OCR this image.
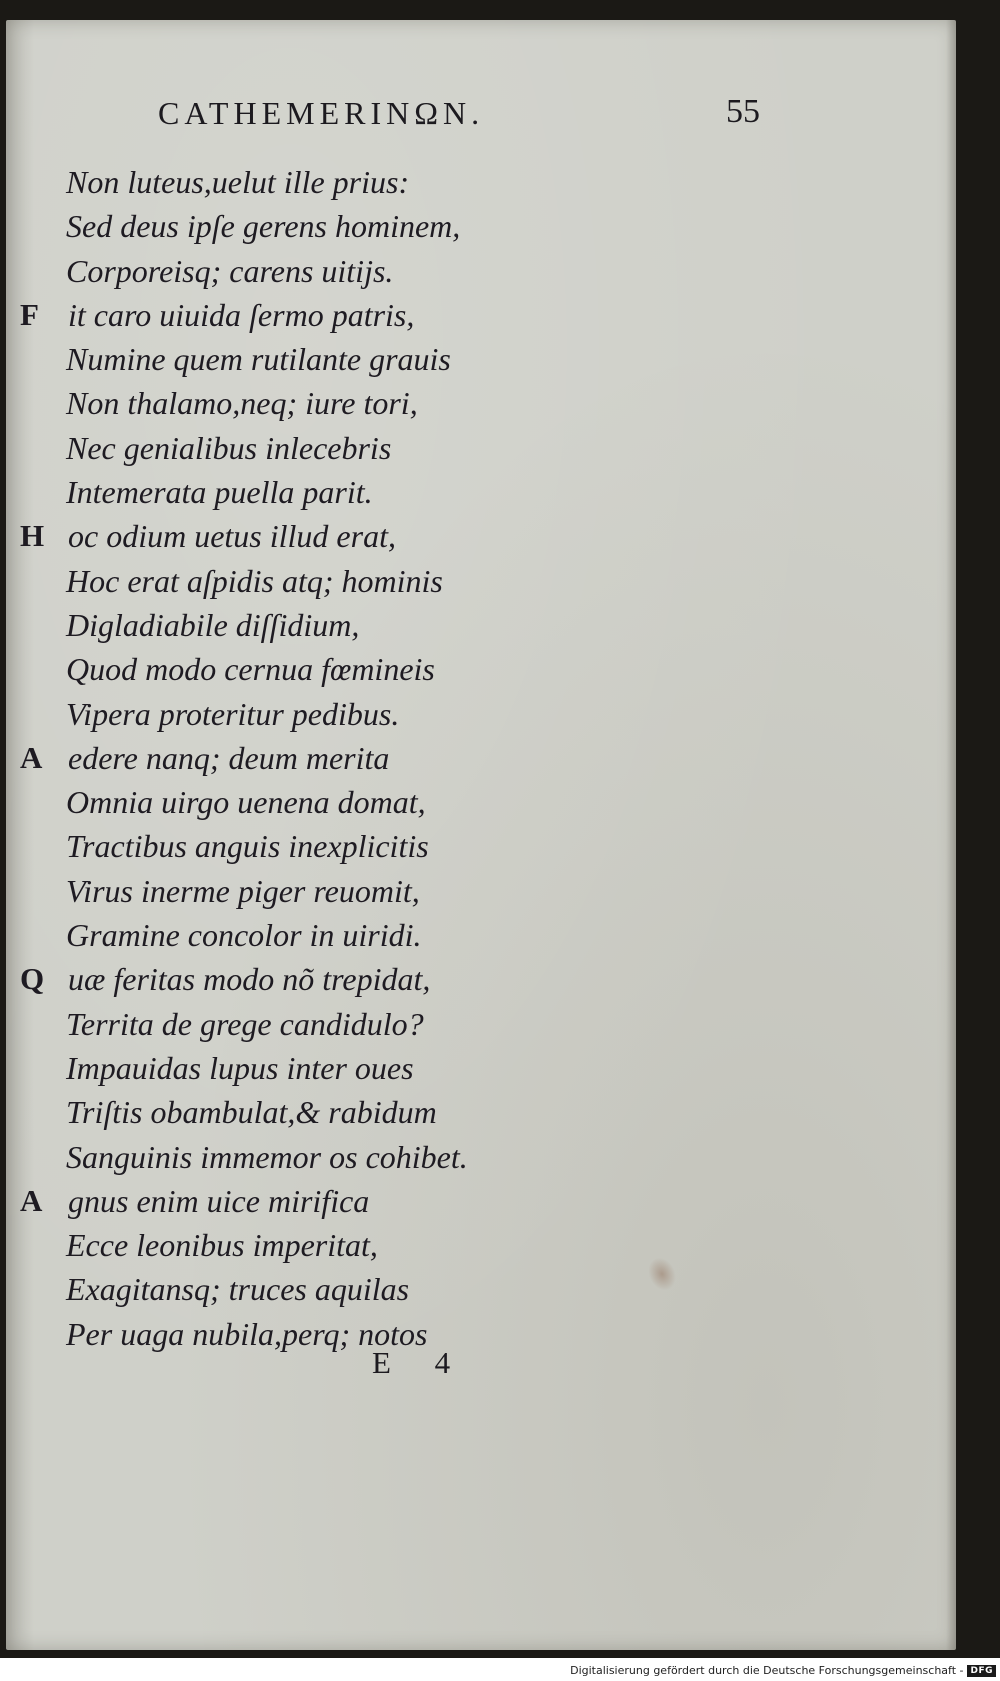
CATHEMERINΩN.	55
Non luteus,uelut ille prius:
Sed deus ipſe gerens hominem,
Corporeisq; carens uitijs.
F it caro uiuida ſermo patris,
Numine quem rutilante grauis
Non thalamo,neq; iure tori,
Nec genialibus inlecebris
Intemerata puella parit.
H oc odium uetus illud erat,
Hoc erat aſpidis atq; hominis
Digladiabile diſſidium,
Quod modo cernua fœmineis
Vipera proteritur pedibus.
A edere nanq; deum merita
Omnia uirgo uenena domat,
Tractibus anguis inexplicitis
Virus inerme piger reuomit,
Gramine concolor in uiridi.
Q uæ feritas modo nõ trepidat,
Territa de grege candidulo?
Impauidas lupus inter oues
Triſtis obambulat,& rabidum
Sanguinis immemor os cohibet.
A gnus enim uice mirifica
Ecce leonibus imperitat,
Exagitansq; truces aquilas
Per uaga nubila,perq; notos
E 4
Digitalisierung gefördert durch die Deutsche Forschungsgemeinschaft - DFG
